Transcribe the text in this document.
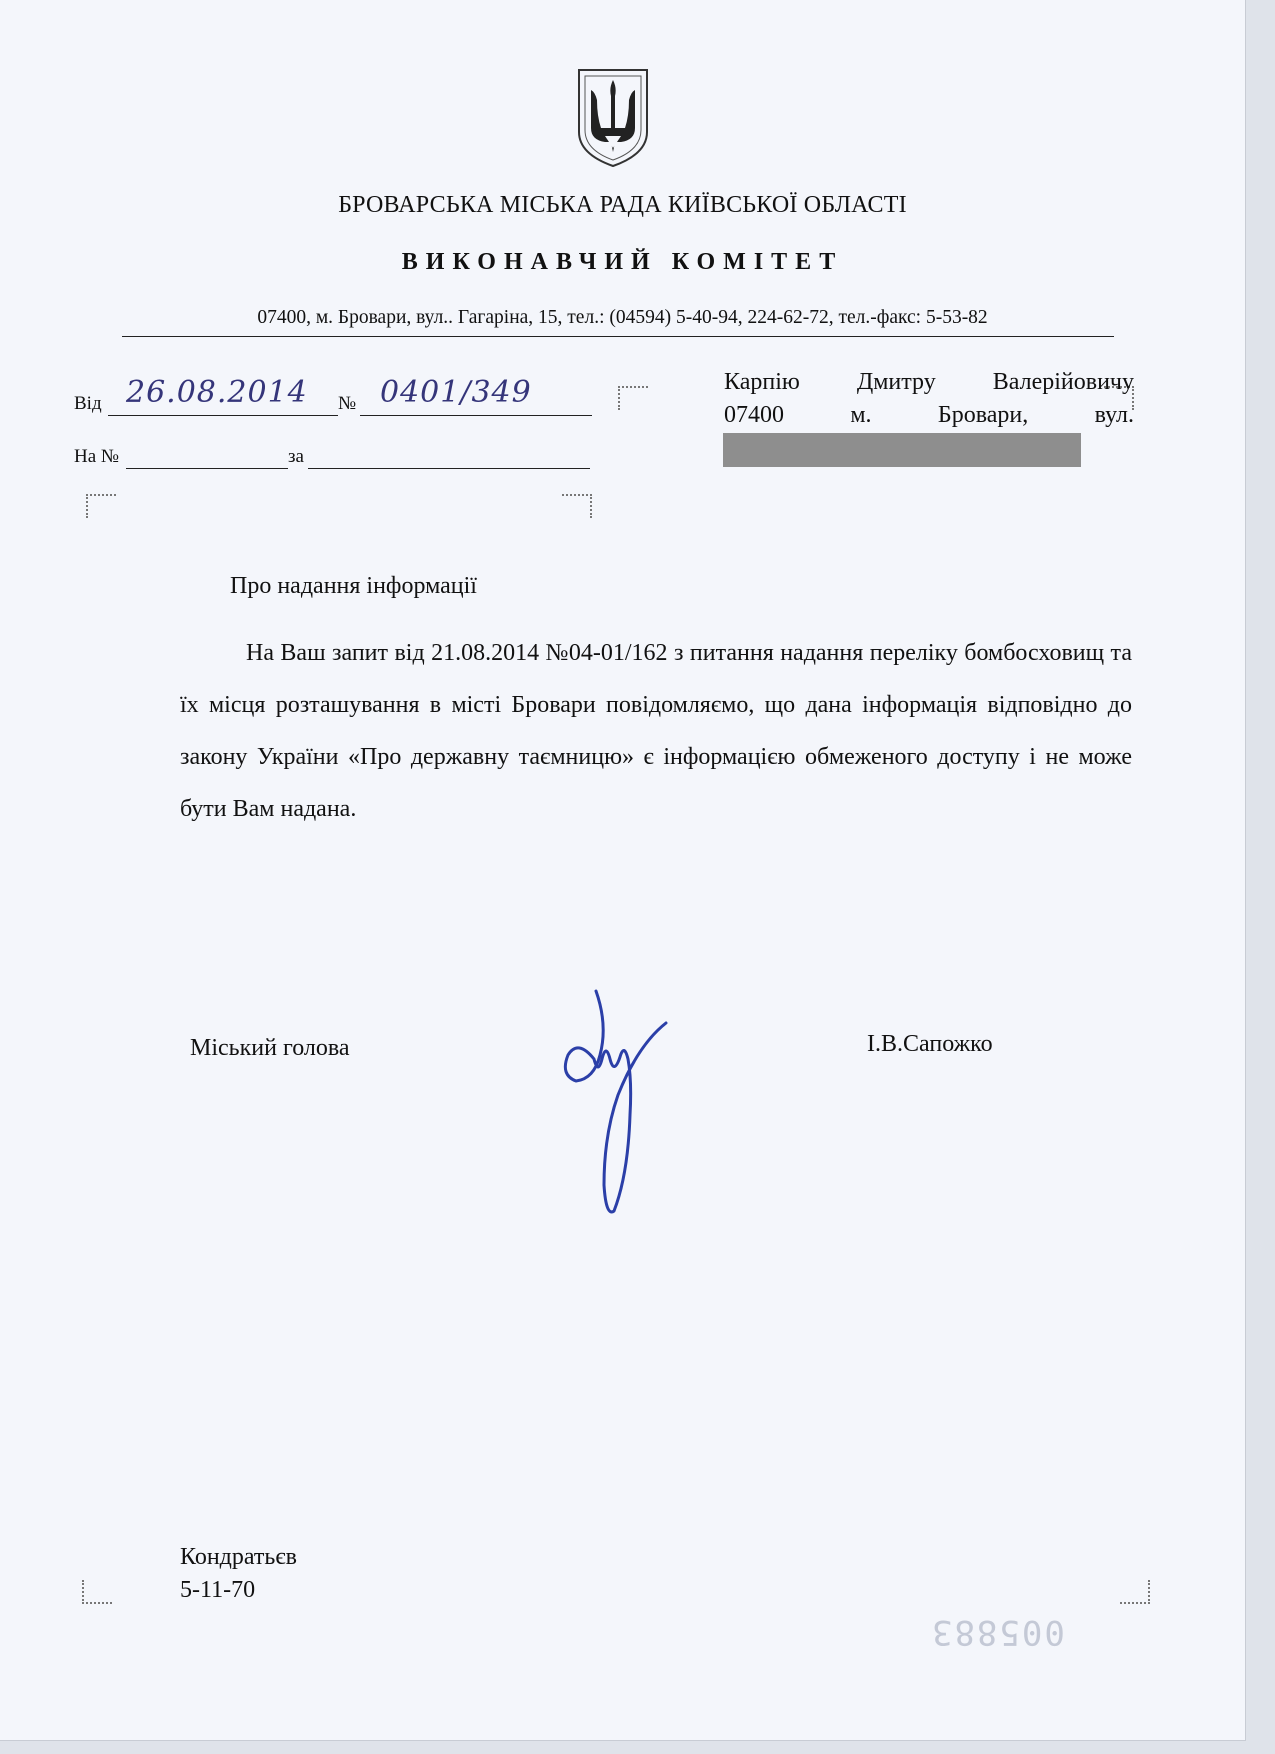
БРОВАРСЬКА МІСЬКА РАДА КИЇВСЬКОЇ ОБЛАСТІ
ВИКОНАВЧИЙ КОМІТЕТ
07400, м. Бровари, вул.. Гагаріна, 15, тел.: (04594) 5-40-94, 224-62-72, тел.-факс: 5-53-82
Від 26.08.2014 № 0401/349
На №	за
Карпію Дмитру Валерійовичу
07400	м.	Бровари,	вул.
Про надання інформації

На Ваш запит від 21.08.2014 №04-01/162 з питання надання переліку бомбосховищ та їх місця розташування в місті Бровари повідомляємо, що дана інформація відповідно до закону України «Про державну таємницю» є інформацією обмеженого доступу і не може бути Вам надана.

Міський голова	І.В.Сапожко
Кондратьєв
5-11-70
005883
